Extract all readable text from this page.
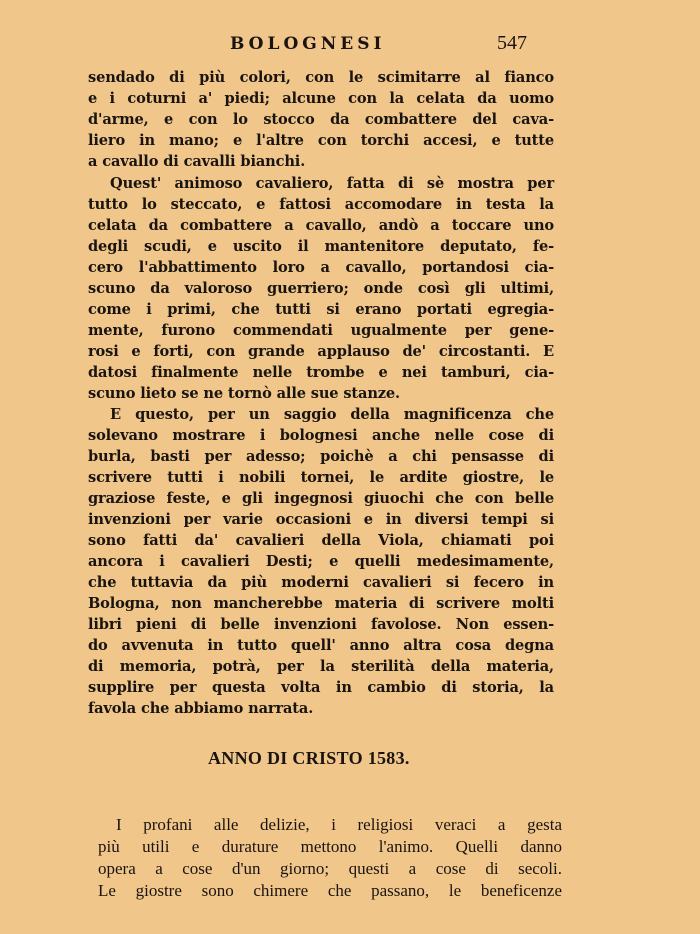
BOLOGNESI	547
sendado di più colori, con le scimitarre al fianco
e i coturni a' piedi; alcune con la celata da uomo
d'arme, e con lo stocco da combattere del cava-
liero in mano; e l'altre con torchi accesi, e tutte
a cavallo di cavalli bianchi.
Quest' animoso cavaliero, fatta di sè mostra per
tutto lo steccato, e fattosi accomodare in testa la
celata da combattere a cavallo, andò a toccare uno
degli scudi, e uscito il mantenitore deputato, fe-
cero l'abbattimento loro a cavallo, portandosi cia-
scuno da valoroso guerriero; onde così gli ultimi,
come i primi, che tutti si erano portati egregia-
mente, furono commendati ugualmente per gene-
rosi e forti, con grande applauso de' circostanti. E
datosi finalmente nelle trombe e nei tamburi, cia-
scuno lieto se ne tornò alle sue stanze.
E questo, per un saggio della magnificenza che
solevano mostrare i bolognesi anche nelle cose di
burla, basti per adesso; poichè a chi pensasse di
scrivere tutti i nobili tornei, le ardite giostre, le
graziose feste, e gli ingegnosi giuochi che con belle
invenzioni per varie occasioni e in diversi tempi si
sono fatti da' cavalieri della Viola, chiamati poi
ancora i cavalieri Desti; e quelli medesimamente,
che tuttavia da più moderni cavalieri si fecero in
Bologna, non mancherebbe materia di scrivere molti
libri pieni di belle invenzioni favolose. Non essen-
do avvenuta in tutto quell' anno altra cosa degna
di memoria, potrà, per la sterilità della materia,
supplire per questa volta in cambio di storia, la
favola che abbiamo narrata.
ANNO DI CRISTO 1583.
I profani alle delizie, i religiosi veraci a gesta
più utili e durature mettono l'animo. Quelli danno
opera a cose d'un giorno; questi a cose di secoli.
Le giostre sono chimere che passano, le beneficenze
